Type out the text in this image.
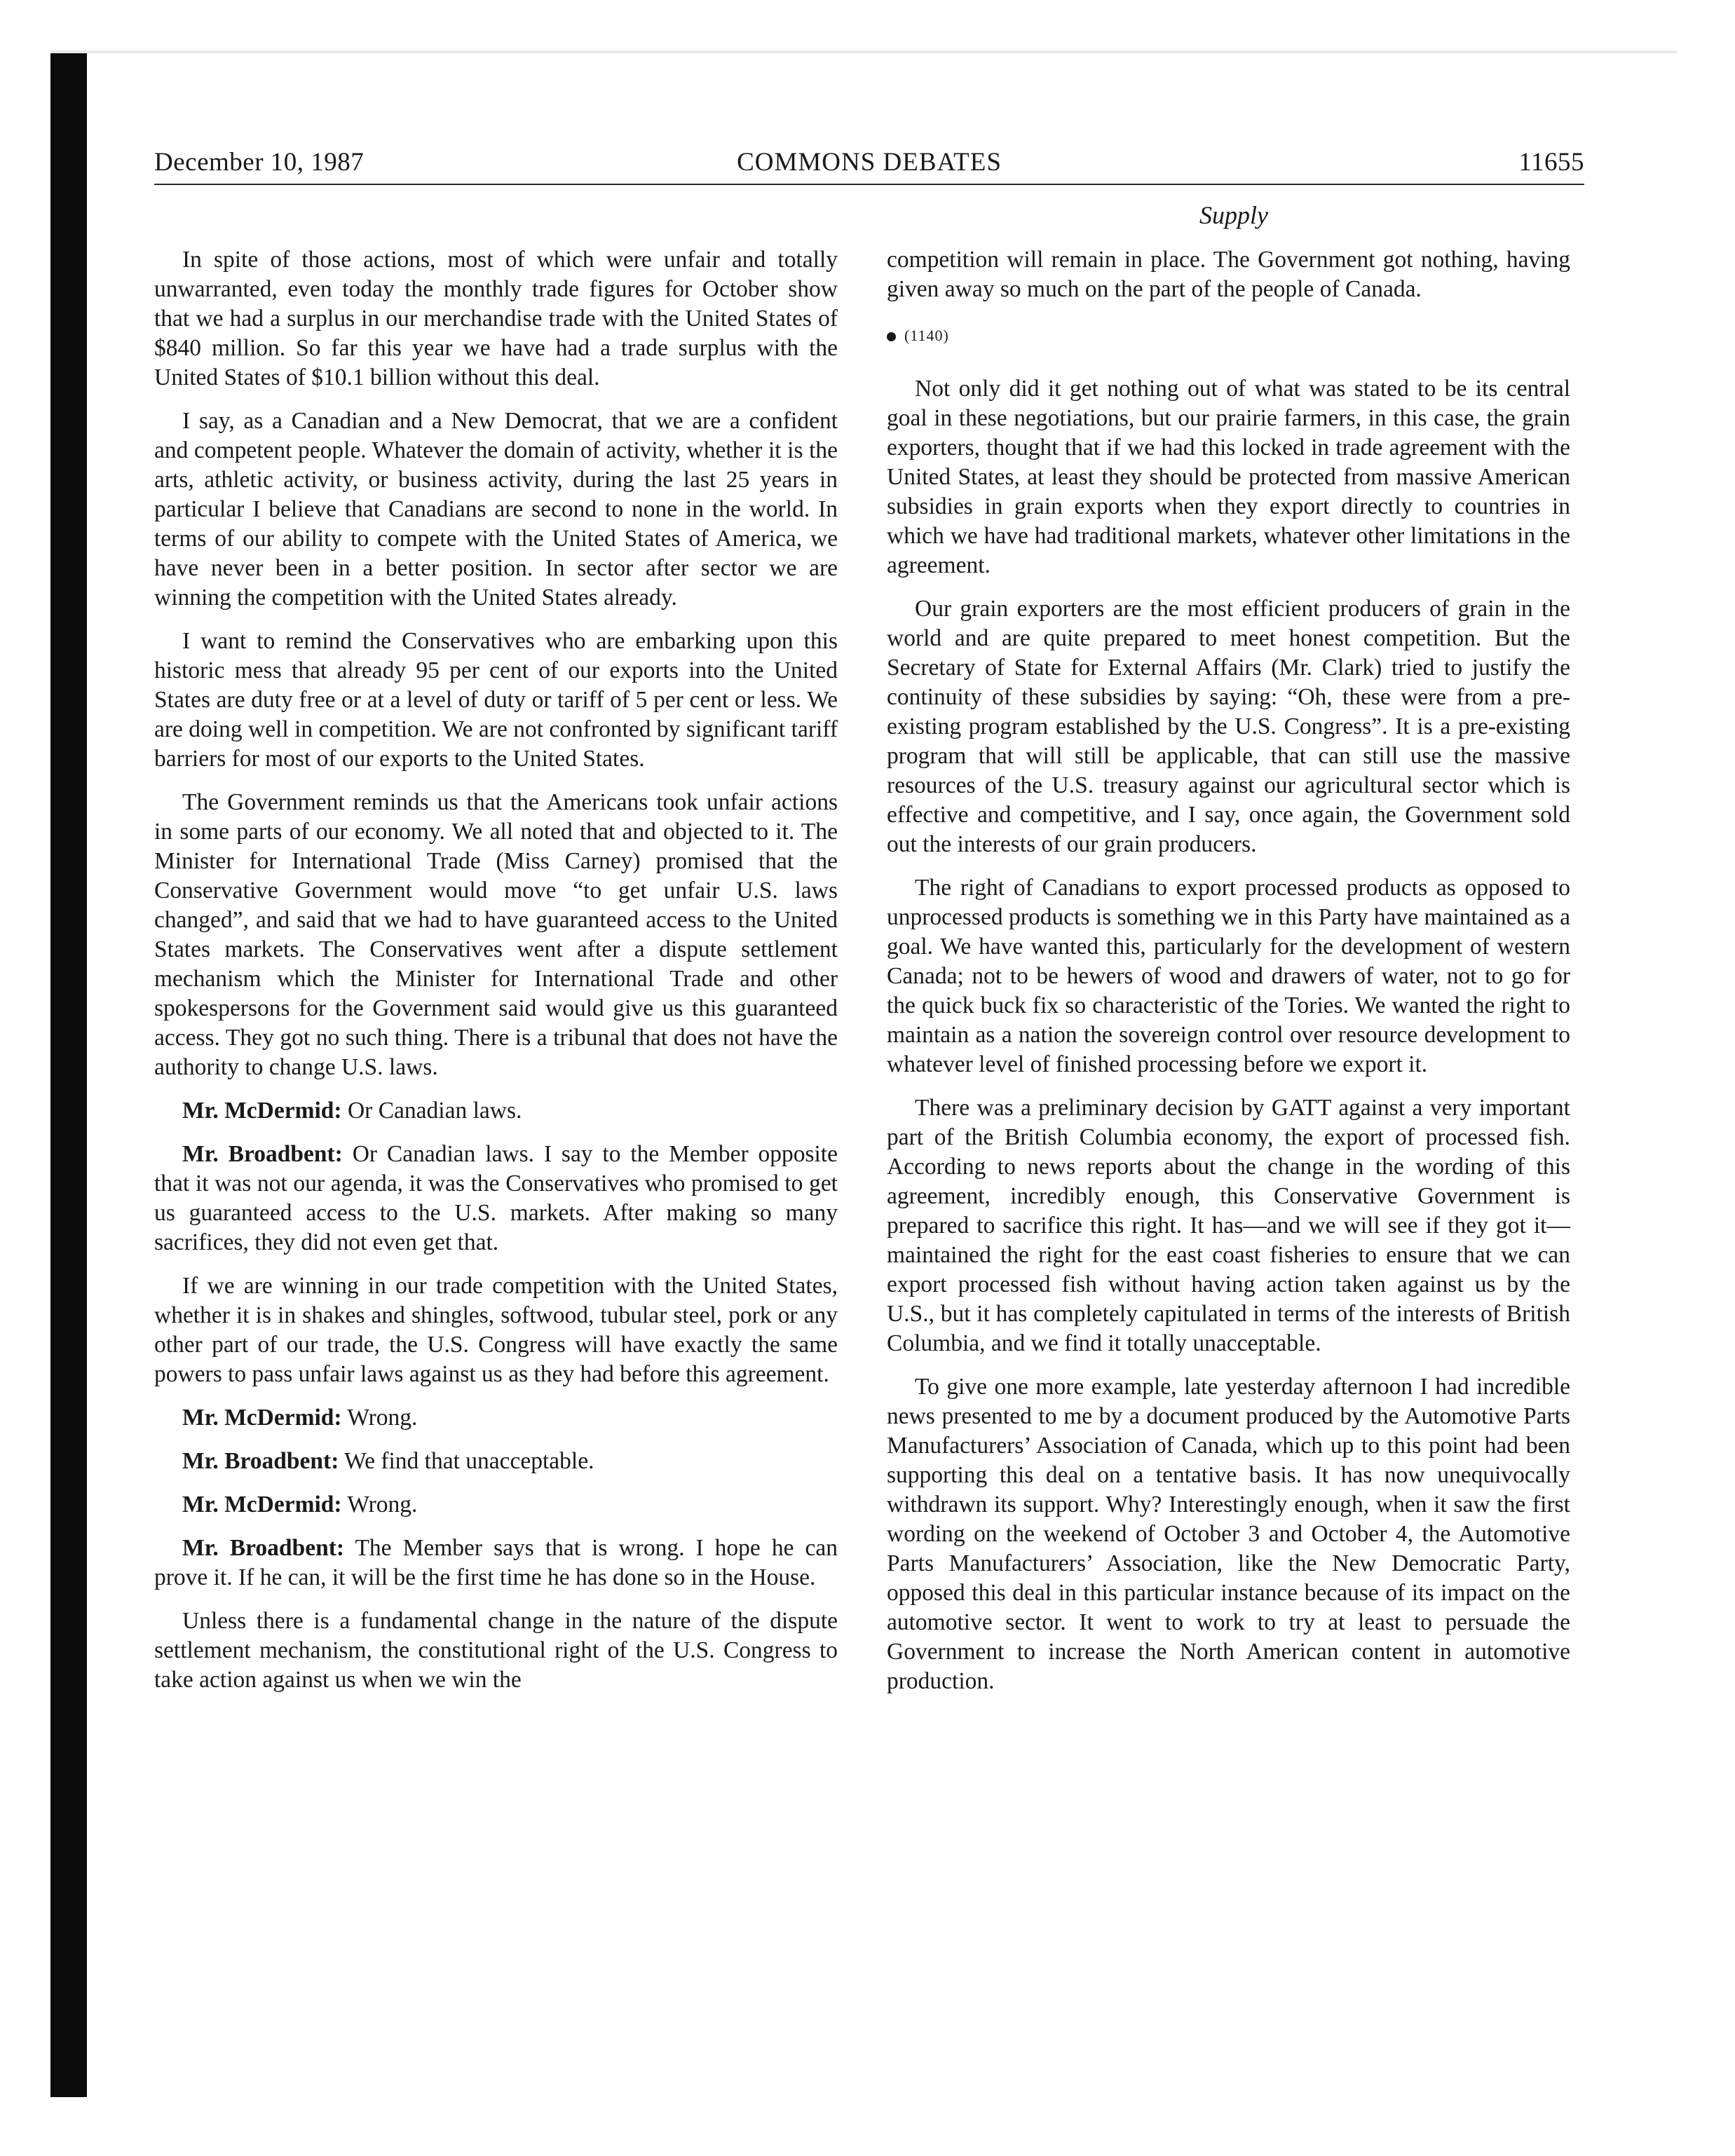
December 10, 1987	COMMONS DEBATES	11655
Supply

In spite of those actions, most of which were unfair and totally unwarranted, even today the monthly trade figures for October show that we had a surplus in our merchandise trade with the United States of $840 million. So far this year we have had a trade surplus with the United States of $10.1 billion without this deal.

I say, as a Canadian and a New Democrat, that we are a confident and competent people. Whatever the domain of activity, whether it is the arts, athletic activity, or business activity, during the last 25 years in particular I believe that Canadians are second to none in the world. In terms of our ability to compete with the United States of America, we have never been in a better position. In sector after sector we are winning the competition with the United States already.

I want to remind the Conservatives who are embarking upon this historic mess that already 95 per cent of our exports into the United States are duty free or at a level of duty or tariff of 5 per cent or less. We are doing well in competition. We are not confronted by significant tariff barriers for most of our exports to the United States.

The Government reminds us that the Americans took unfair actions in some parts of our economy. We all noted that and objected to it. The Minister for International Trade (Miss Carney) promised that the Conservative Government would move “to get unfair U.S. laws changed”, and said that we had to have guaranteed access to the United States markets. The Conservatives went after a dispute settlement mechanism which the Minister for International Trade and other spokespersons for the Government said would give us this guaranteed access. They got no such thing. There is a tribunal that does not have the authority to change U.S. laws.

Mr. McDermid: Or Canadian laws.

Mr. Broadbent: Or Canadian laws. I say to the Member opposite that it was not our agenda, it was the Conservatives who promised to get us guaranteed access to the U.S. markets. After making so many sacrifices, they did not even get that.

If we are winning in our trade competition with the United States, whether it is in shakes and shingles, softwood, tubular steel, pork or any other part of our trade, the U.S. Congress will have exactly the same powers to pass unfair laws against us as they had before this agreement.

Mr. McDermid: Wrong.

Mr. Broadbent: We find that unacceptable.

Mr. McDermid: Wrong.

Mr. Broadbent: The Member says that is wrong. I hope he can prove it. If he can, it will be the first time he has done so in the House.

Unless there is a fundamental change in the nature of the dispute settlement mechanism, the constitutional right of the U.S. Congress to take action against us when we win the

competition will remain in place. The Government got nothing, having given away so much on the part of the people of Canada.

(1140)

Not only did it get nothing out of what was stated to be its central goal in these negotiations, but our prairie farmers, in this case, the grain exporters, thought that if we had this locked in trade agreement with the United States, at least they should be protected from massive American subsidies in grain exports when they export directly to countries in which we have had traditional markets, whatever other limitations in the agreement.

Our grain exporters are the most efficient producers of grain in the world and are quite prepared to meet honest competition. But the Secretary of State for External Affairs (Mr. Clark) tried to justify the continuity of these subsidies by saying: “Oh, these were from a pre-existing program established by the U.S. Congress”. It is a pre-existing program that will still be applicable, that can still use the massive resources of the U.S. treasury against our agricultural sector which is effective and competitive, and I say, once again, the Government sold out the interests of our grain producers.

The right of Canadians to export processed products as opposed to unprocessed products is something we in this Party have maintained as a goal. We have wanted this, particularly for the development of western Canada; not to be hewers of wood and drawers of water, not to go for the quick buck fix so characteristic of the Tories. We wanted the right to maintain as a nation the sovereign control over resource development to whatever level of finished processing before we export it.

There was a preliminary decision by GATT against a very important part of the British Columbia economy, the export of processed fish. According to news reports about the change in the wording of this agreement, incredibly enough, this Conservative Government is prepared to sacrifice this right. It has—and we will see if they got it—maintained the right for the east coast fisheries to ensure that we can export processed fish without having action taken against us by the U.S., but it has completely capitulated in terms of the interests of British Columbia, and we find it totally unacceptable.

To give one more example, late yesterday afternoon I had incredible news presented to me by a document produced by the Automotive Parts Manufacturers’ Association of Canada, which up to this point had been supporting this deal on a tentative basis. It has now unequivocally withdrawn its support. Why? Interestingly enough, when it saw the first wording on the weekend of October 3 and October 4, the Automotive Parts Manufacturers’ Association, like the New Democratic Party, opposed this deal in this particular instance because of its impact on the automotive sector. It went to work to try at least to persuade the Government to increase the North American content in automotive production.
